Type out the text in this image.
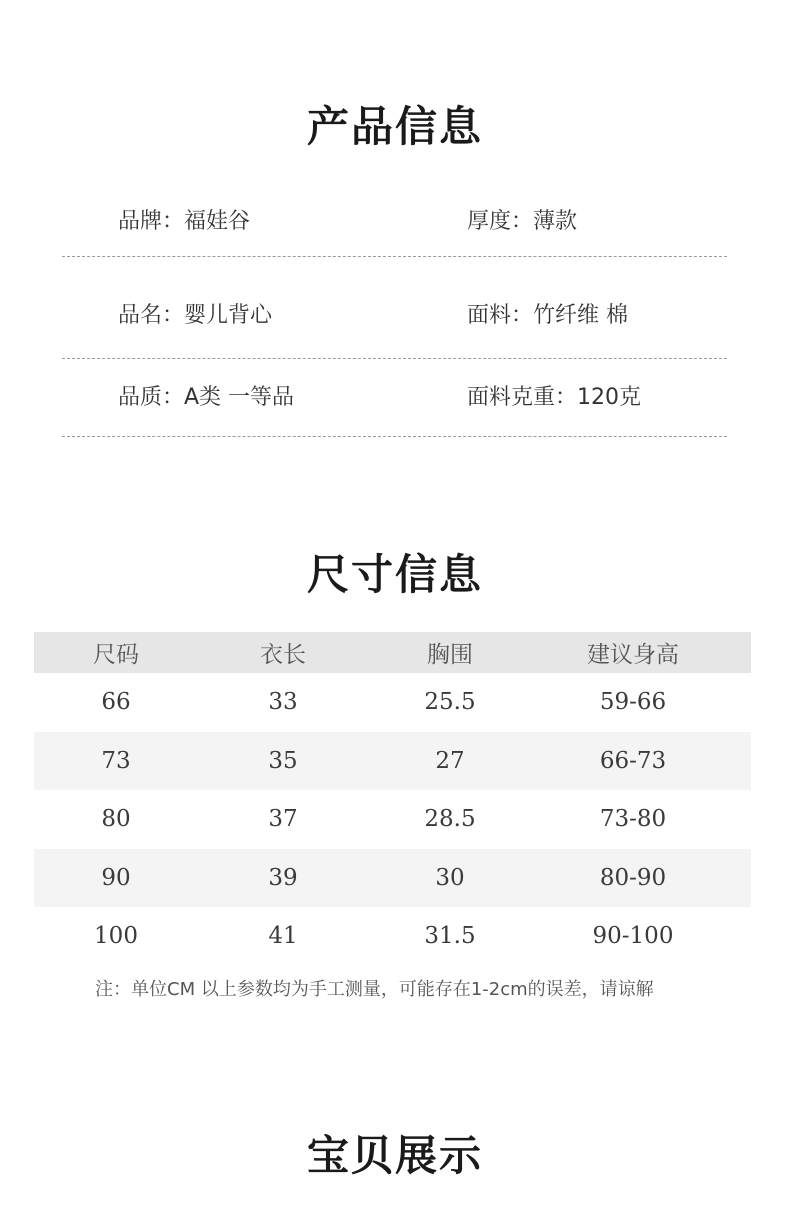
产品信息
品牌：福娃谷	厚度：薄款
品名：婴儿背心	面料：竹纤维 棉
品质：A类 一等品	面料克重：120克
尺寸信息
尺码	衣长	胸围	建议身高
66	33	25.5	59-66
73	35	27	66-73
80	37	28.5	73-80
90	39	30	80-90
100	41	31.5	90-100
注：单位CM 以上参数均为手工测量，可能存在1-2cm的误差，请谅解
宝贝展示
